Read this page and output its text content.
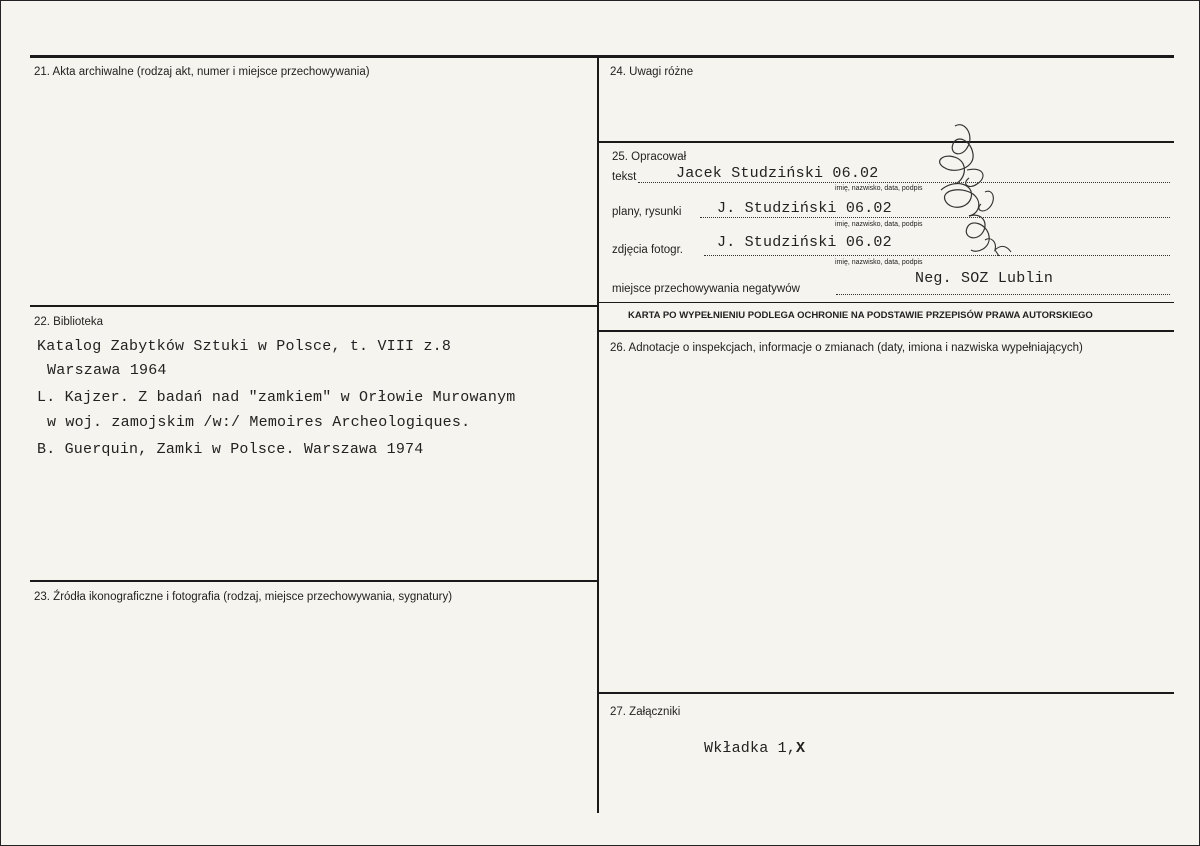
21. Akta archiwalne (rodzaj akt, numer i miejsce przechowywania)
22. Biblioteka
Katalog Zabytków Sztuki w Polsce, t. VIII z.8
Warszawa 1964
L. Kajzer. Z badań nad "zamkiem" w Orłowie Murowanym
w woj. zamojskim /w:/ Memoires Archeologiques.
B. Guerquin, Zamki w Polsce. Warszawa 1974
23. Źródła ikonograficzne i fotografia (rodzaj, miejsce przechowywania, sygnatury)
24. Uwagi różne
25. Opracował
tekst	Jacek Studziński 06.02
imię, nazwisko, data, podpis
plany, rysunki J. Studziński 06.02
imię, nazwisko, data, podpis
zdjęcia fotogr. J. Studziński 06.02
imię, nazwisko, data, podpis
miejsce przechowywania negatywów
Neg. SOZ Lublin
KARTA PO WYPEŁNIENIU PODLEGA OCHRONIE NA PODSTAWIE PRZEPISÓW PRAWA AUTORSKIEGO
26. Adnotacje o inspekcjach, informacje o zmianach (daty, imiona i nazwiska wypełniających)
27. Załączniki
Wkładka 1,X
